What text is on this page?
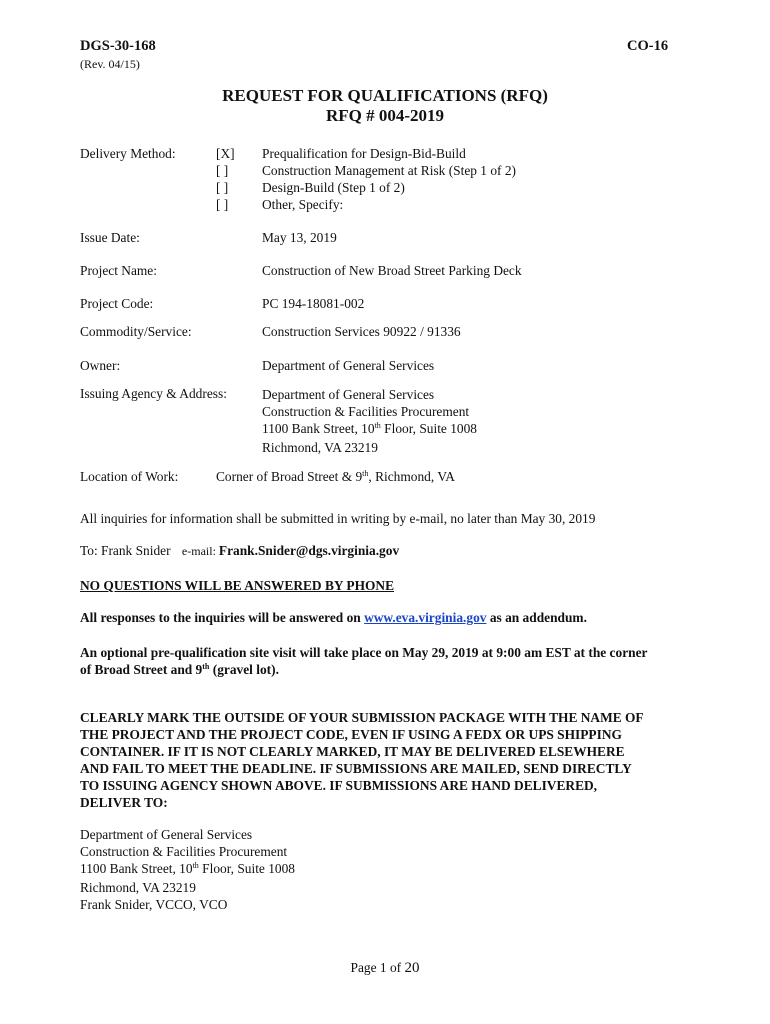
DGS-30-168
(Rev. 04/15)
CO-16
REQUEST FOR QUALIFICATIONS (RFQ)
RFQ # 004-2019
Delivery Method:	[X] Prequalification for Design-Bid-Build
[ ]	Construction Management at Risk (Step 1 of 2)
[ ]	Design-Build (Step 1 of 2)
[ ]	Other, Specify:
Issue Date:	May 13, 2019
Project Name:	Construction of New Broad Street Parking Deck
Project Code:	PC 194-18081-002
Commodity/Service:	Construction Services 90922 / 91336
Owner:	Department of General Services
Issuing Agency & Address:	Department of General Services
Construction & Facilities Procurement
1100 Bank Street, 10th Floor, Suite 1008
Richmond, VA 23219
Location of Work:	Corner of Broad Street & 9th, Richmond, VA
All inquiries for information shall be submitted in writing by e-mail, no later than May 30, 2019
To: Frank Snider e-mail: Frank.Snider@dgs.virginia.gov
NO QUESTIONS WILL BE ANSWERED BY PHONE
All responses to the inquiries will be answered on www.eva.virginia.gov as an addendum.
An optional pre-qualification site visit will take place on May 29, 2019 at 9:00 am EST at the corner
of Broad Street and 9th (gravel lot).
CLEARLY MARK THE OUTSIDE OF YOUR SUBMISSION PACKAGE WITH THE NAME OF
THE PROJECT AND THE PROJECT CODE, EVEN IF USING A FEDX OR UPS SHIPPING
CONTAINER. IF IT IS NOT CLEARLY MARKED, IT MAY BE DELIVERED ELSEWHERE
AND FAIL TO MEET THE DEADLINE. IF SUBMISSIONS ARE MAILED, SEND DIRECTLY
TO ISSUING AGENCY SHOWN ABOVE. IF SUBMISSIONS ARE HAND DELIVERED,
DELIVER TO:
Department of General Services
Construction & Facilities Procurement
1100 Bank Street, 10th Floor, Suite 1008
Richmond, VA 23219
Frank Snider, VCCO, VCO
Page 1 of 20
